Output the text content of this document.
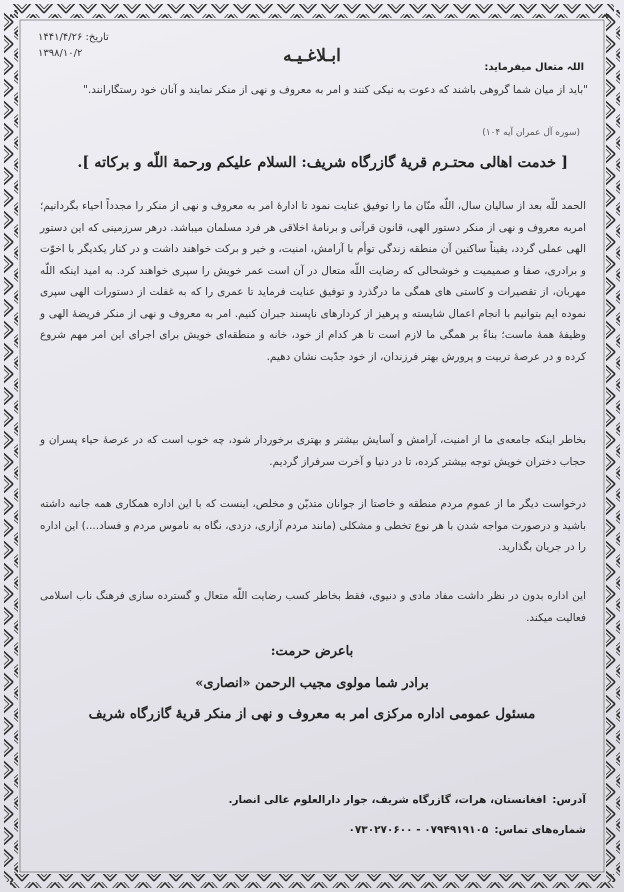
تاریخ: ۱۴۴۱/۴/۲۶
۱۳۹۸/۱۰/۲	ابـلاغـیـه
اللہ متعال میفرماید:
"باید از میان شما گروهی باشند که دعوت به نیکی کنند و امر به معروف و نهی از منکر نمایند و آنان خود رستگارانند."
(سوره آل عمران آیه ۱۰۴)
[ خدمت اهالی محتـرم قریهٔ گازرگاه شریف: السلام علیکم ورحمة اللّه و برکاته ].
الحمد للّه بعد از سالیان سال، اللّه منّان ما را توفیق عنایت نمود تا ادارهٔ امر به معروف و نهی از منکر را مجدداً احیاء بگردانیم؛ امربه معروف و نهی از منکر دستور الهی، قانون قرآنی و برنامهٔ اخلاقی هر فرد مسلمان میباشد. درهر سرزمینی که این دستور الهی عملی گردد، یقیناً ساکنین آن منطقه زندگی توأم با آرامش، امنیت، و خیر و برکت خواهند داشت و در کنار یکدیگر با اخوّت و برادری، صفا و صمیمیت و خوشحالی که رضایت اللّه متعال در آن است عمر خویش را سپری خواهند کرد. به امید اینکه اللّه مهربان، از تقصیرات و کاستی های همگی ما درگذرد و توفیق عنایت فرماید تا عمری را که به غفلت از دستورات الهی سپری نموده ایم بتوانیم با انجام اعمال شایسته و پرهیز از کردارهای ناپسند جبران کنیم. امر به معروف و نهی از منکر فریضهٔ الهی و وظیفهٔ همهٔ ماست؛ بناءً بر همگی ما لازم است تا هر کدام از خود، خانه و منطقه‌ای خویش برای اجرای این امر مهم شروع کرده و در عرصهٔ تربیت و پرورش بهتر فرزندان، از خود جدّیت نشان دهیم.
بخاطر اینکه جامعه‌ی ما از امنیت، آرامش و آسایش بیشتر و بهتری برخوردار شود، چه خوب است که در عرصهٔ حیاء پسران و حجاب دختران خویش توجه بیشتر کرده، تا در دنیا و آخرت سرفراز گردیم.
درخواست دیگر ما از عموم مردم منطقه و خاصتا از جوانان متدیّن و مخلص، اینست که با این اداره همکاری همه جانبه داشته باشید و درصورت مواجه شدن با هر نوع تخطی و مشکلی (مانند مردم آزاری، دزدی، نگاه به ناموس مردم و فساد....) این اداره را در جریان بگذارید.
این اداره بدون در نظر داشت مفاد مادی و دنیوی، فقط بخاطر کسب رضایت اللّه متعال و گسترده سازی فرهنگ ناب اسلامی فعالیت میکند.
باعرض حرمت:
برادر شما مولوی مجیب الرحمن «انصاری»
مسئول عمومی اداره مرکزی امر به معروف و نهی از منکر قریهٔ گازرگاه شریف
آدرس:افغانستان، هرات، گازرگاه شریف، جوار دارالعلوم عالی انصار.
شماره‌های تماس:۰۷۹۴۹۱۹۱۰۵ - ۰۷۳۰۲۷۰۶۰۰
